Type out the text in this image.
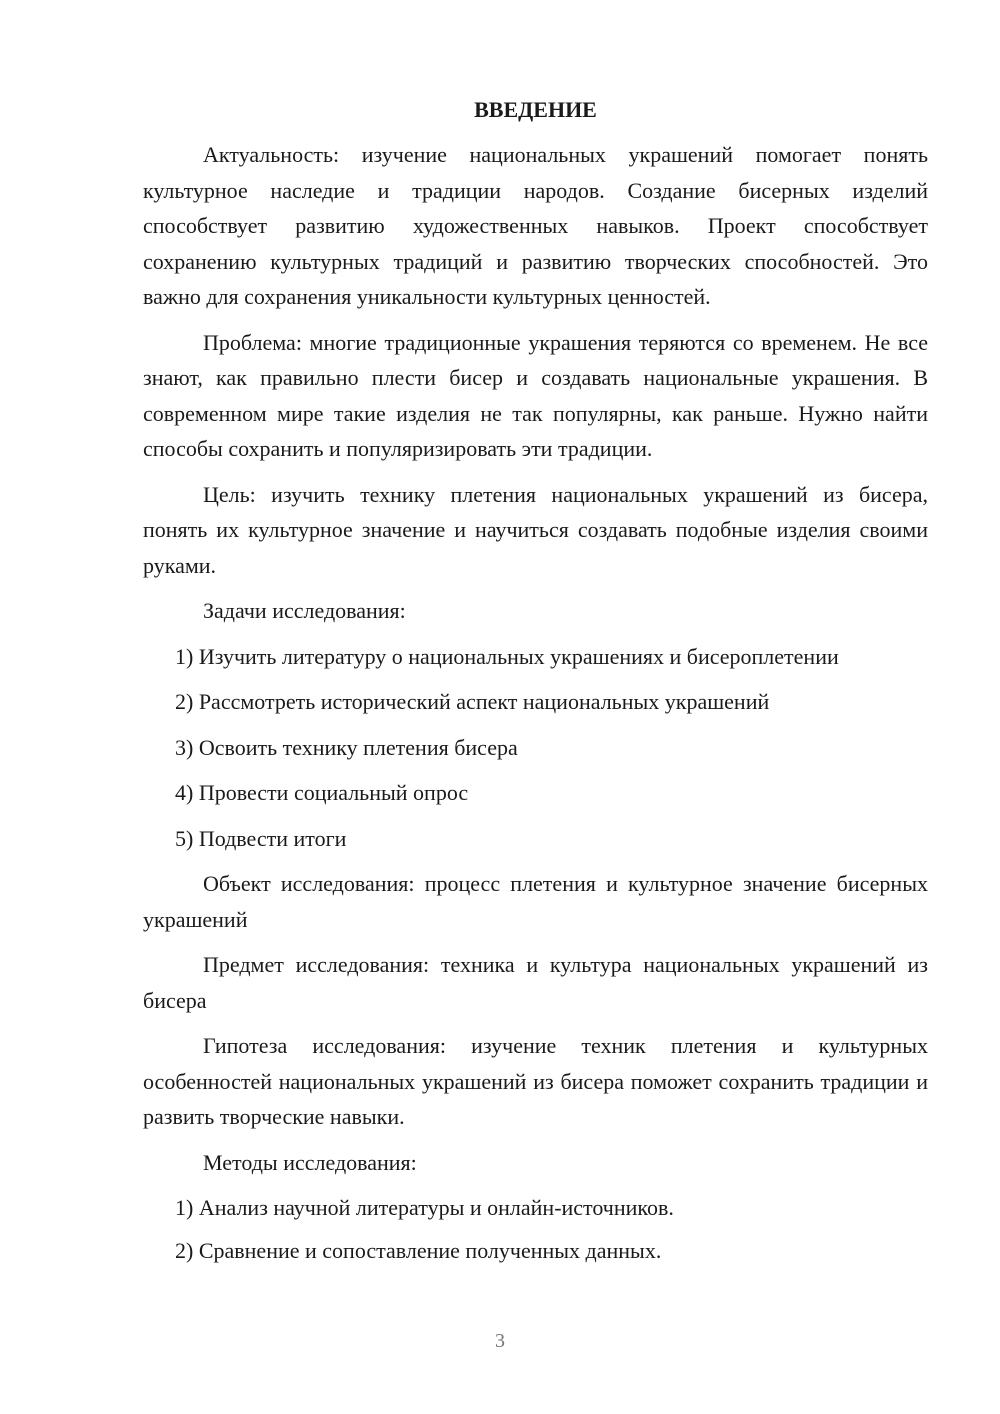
ВВЕДЕНИЕ

Актуальность: изучение национальных украшений помогает понять культурное наследие и традиции народов. Создание бисерных изделий способствует развитию художественных навыков. Проект способствует сохранению культурных традиций и развитию творческих способностей. Это важно для сохранения уникальности культурных ценностей.

Проблема: многие традиционные украшения теряются со временем. Не все знают, как правильно плести бисер и создавать национальные украшения. В современном мире такие изделия не так популярны, как раньше. Нужно найти способы сохранить и популяризировать эти традиции.

Цель: изучить технику плетения национальных украшений из бисера, понять их культурное значение и научиться создавать подобные изделия своими руками.

Задачи исследования:

1) Изучить литературу о национальных украшениях и бисероплетении
2) Рассмотреть исторический аспект национальных украшений
3) Освоить технику плетения бисера
4) Провести социальный опрос
5) Подвести итоги

Объект исследования: процесс плетения и культурное значение бисерных украшений

Предмет исследования: техника и культура национальных украшений из бисера

Гипотеза исследования: изучение техник плетения и культурных особенностей национальных украшений из бисера поможет сохранить традиции и развить творческие навыки.

Методы исследования:

1) Анализ научной литературы и онлайн-источников.
2) Сравнение и сопоставление полученных данных.
3
